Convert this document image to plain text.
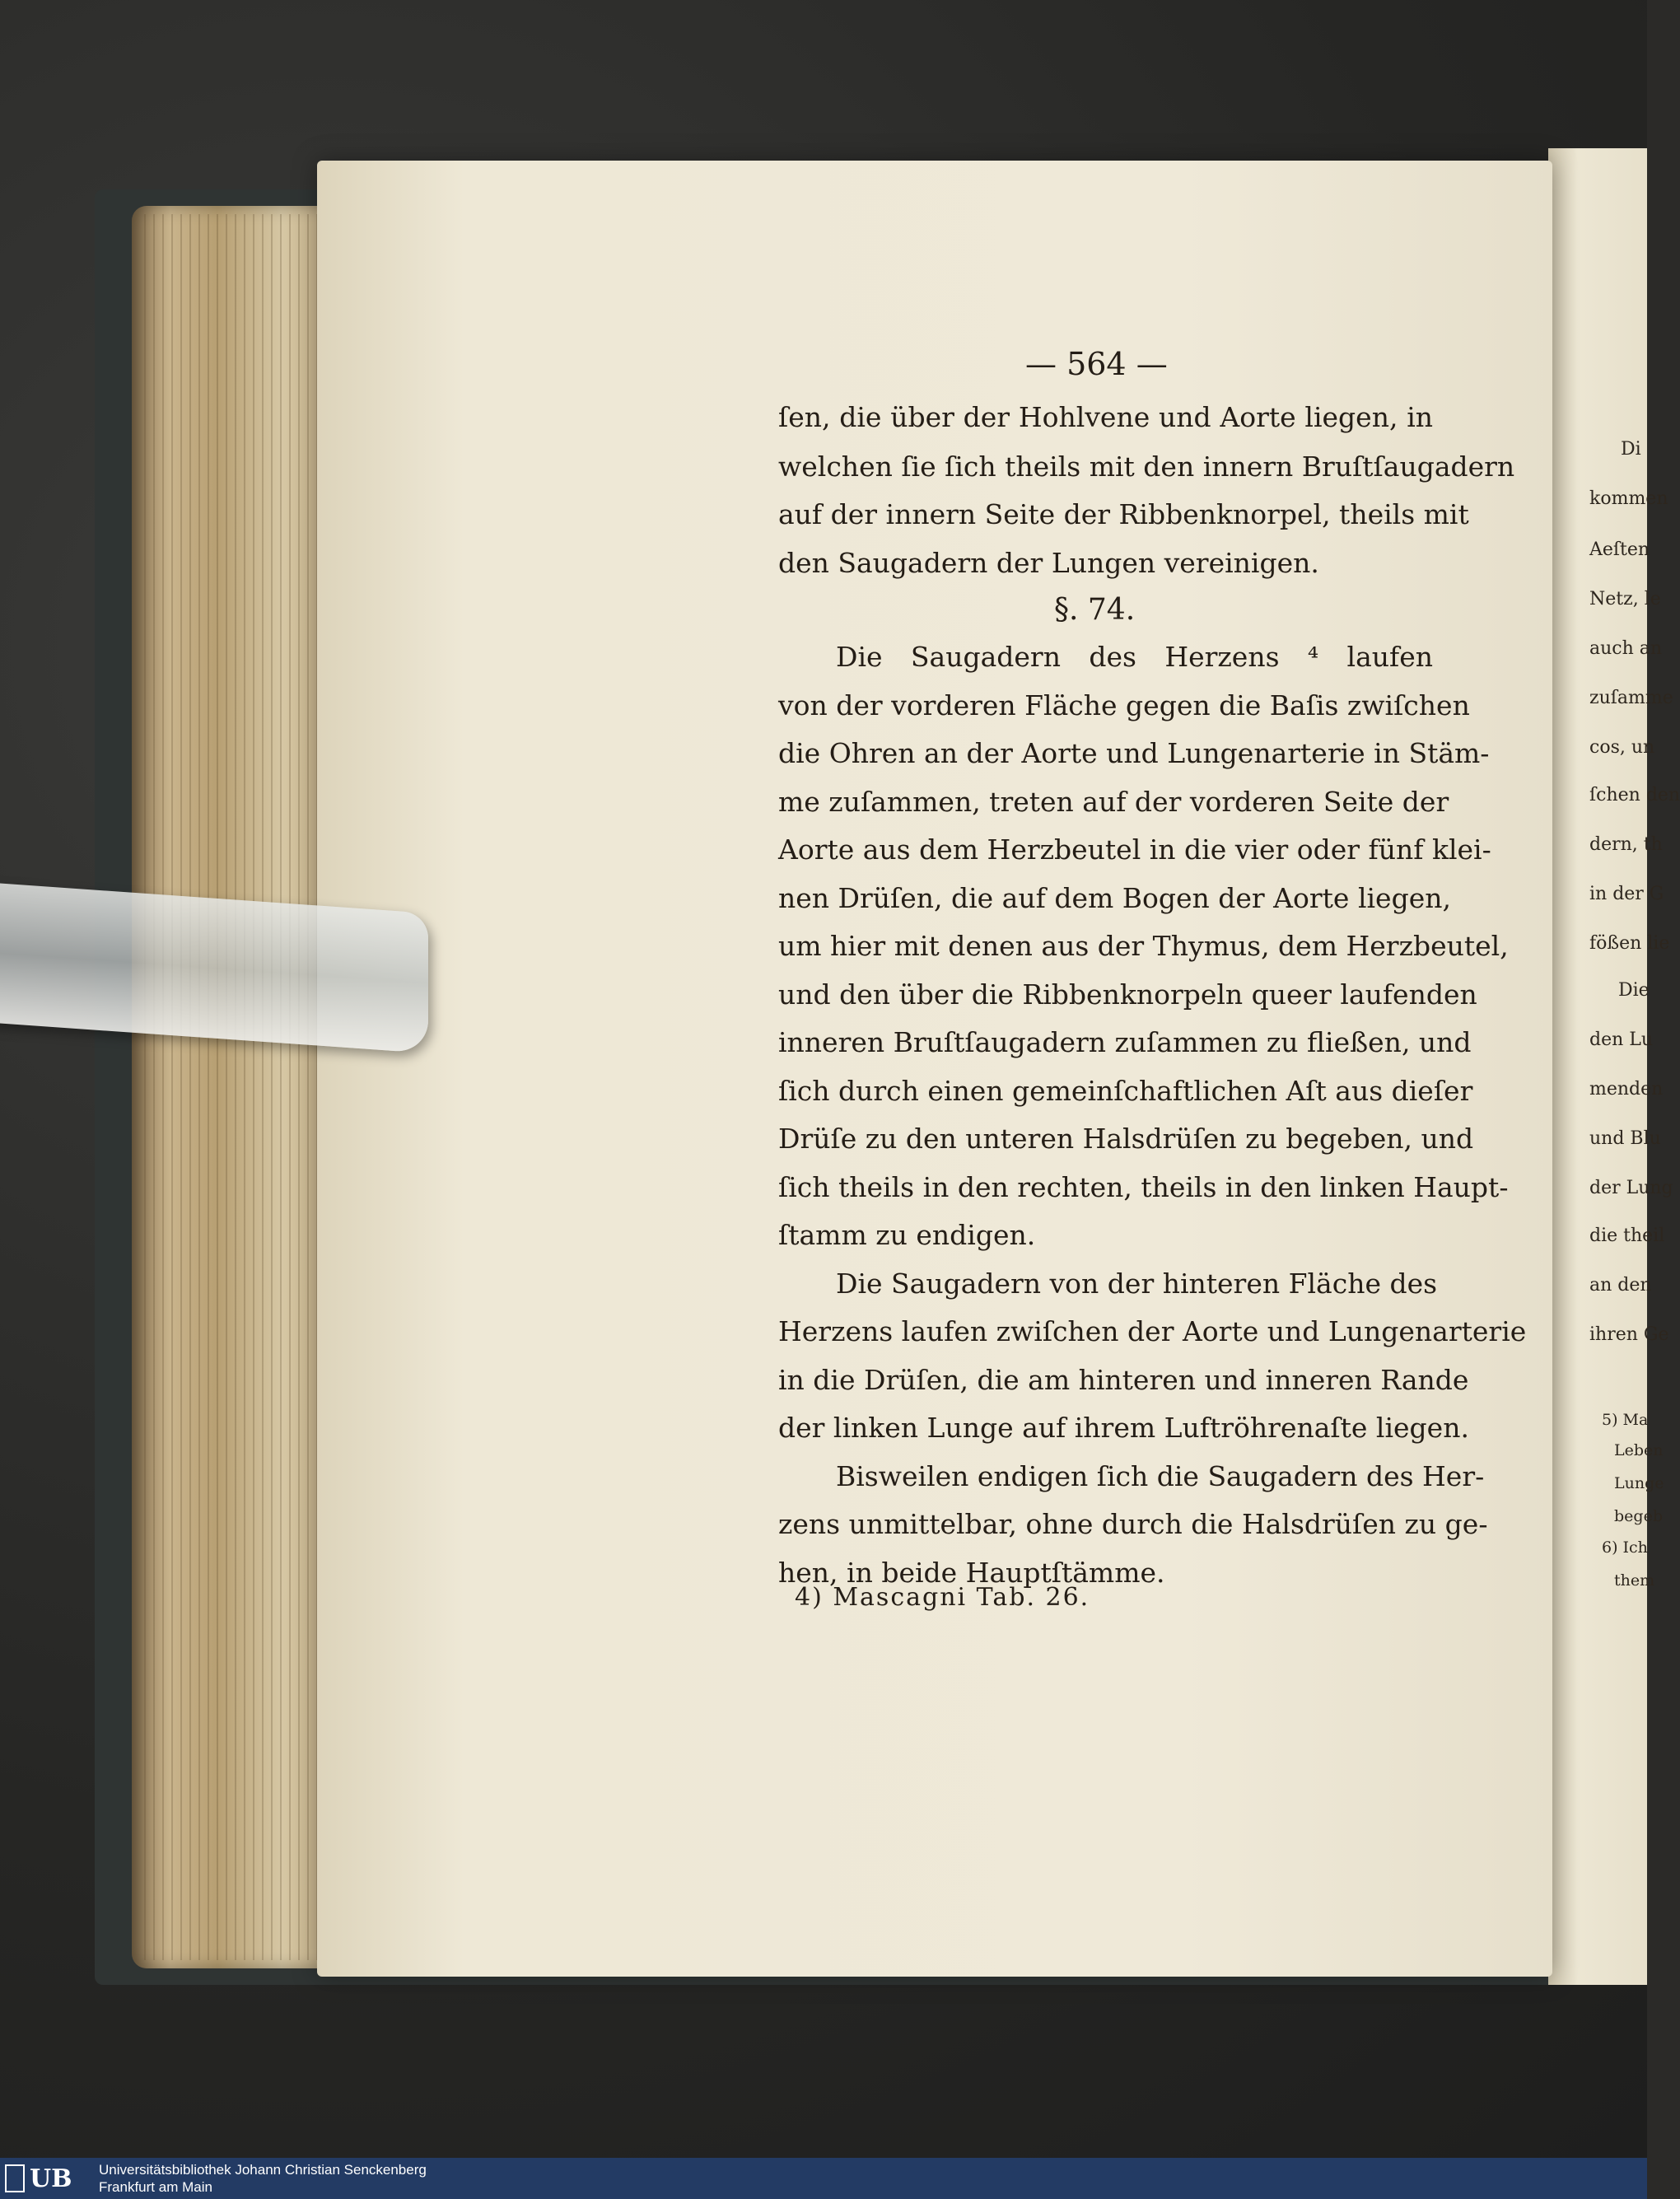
— 564 —
ſen, die über der Hohlvene und Aorte liegen, in
welchen ſie ſich theils mit den innern Bruſtſaugadern
auf der innern Seite der Ribbenknorpel, theils mit
den Saugadern der Lungen vereinigen.
§. 74.
Die Saugadern des Herzens ⁴ laufen
von der vorderen Fläche gegen die Baſis zwiſchen
die Ohren an der Aorte und Lungenarterie in Stäm-
me zuſammen, treten auf der vorderen Seite der
Aorte aus dem Herzbeutel in die vier oder fünf klei-
nen Drüſen, die auf dem Bogen der Aorte liegen,
um hier mit denen aus der Thymus, dem Herzbeutel,
und den über die Ribbenknorpeln queer laufenden
inneren Bruſtſaugadern zuſammen zu fließen, und
ſich durch einen gemeinſchaftlichen Aſt aus dieſer
Drüſe zu den unteren Halsdrüſen zu begeben, und
ſich theils in den rechten, theils in den linken Haupt-
ſtamm zu endigen.
Die Saugadern von der hinteren Fläche des
Herzens laufen zwiſchen der Aorte und Lungenarterie
in die Drüſen, die am hinteren und inneren Rande
der linken Lunge auf ihrem Luftröhrenaſte liegen.
Bisweilen endigen ſich die Saugadern des Her-
zens unmittelbar, ohne durch die Halsdrüſen zu ge-
hen, in beide Hauptſtämme.
4) Mascagni Tab. 26.
Di
kommen
Aeſten
Netz, le
auch an
zuſamme
cos, un
ſchen den
dern, th
in der G
fößen lie
Die
den Lu
menden
und Blu
der Lung
die theil
an den
ihren Ge
5) Ma
Leben
Lunge
begeb
6) Ich
them
UB Universitätsbibliothek Johann Christian Senckenberg
Frankfurt am Main
